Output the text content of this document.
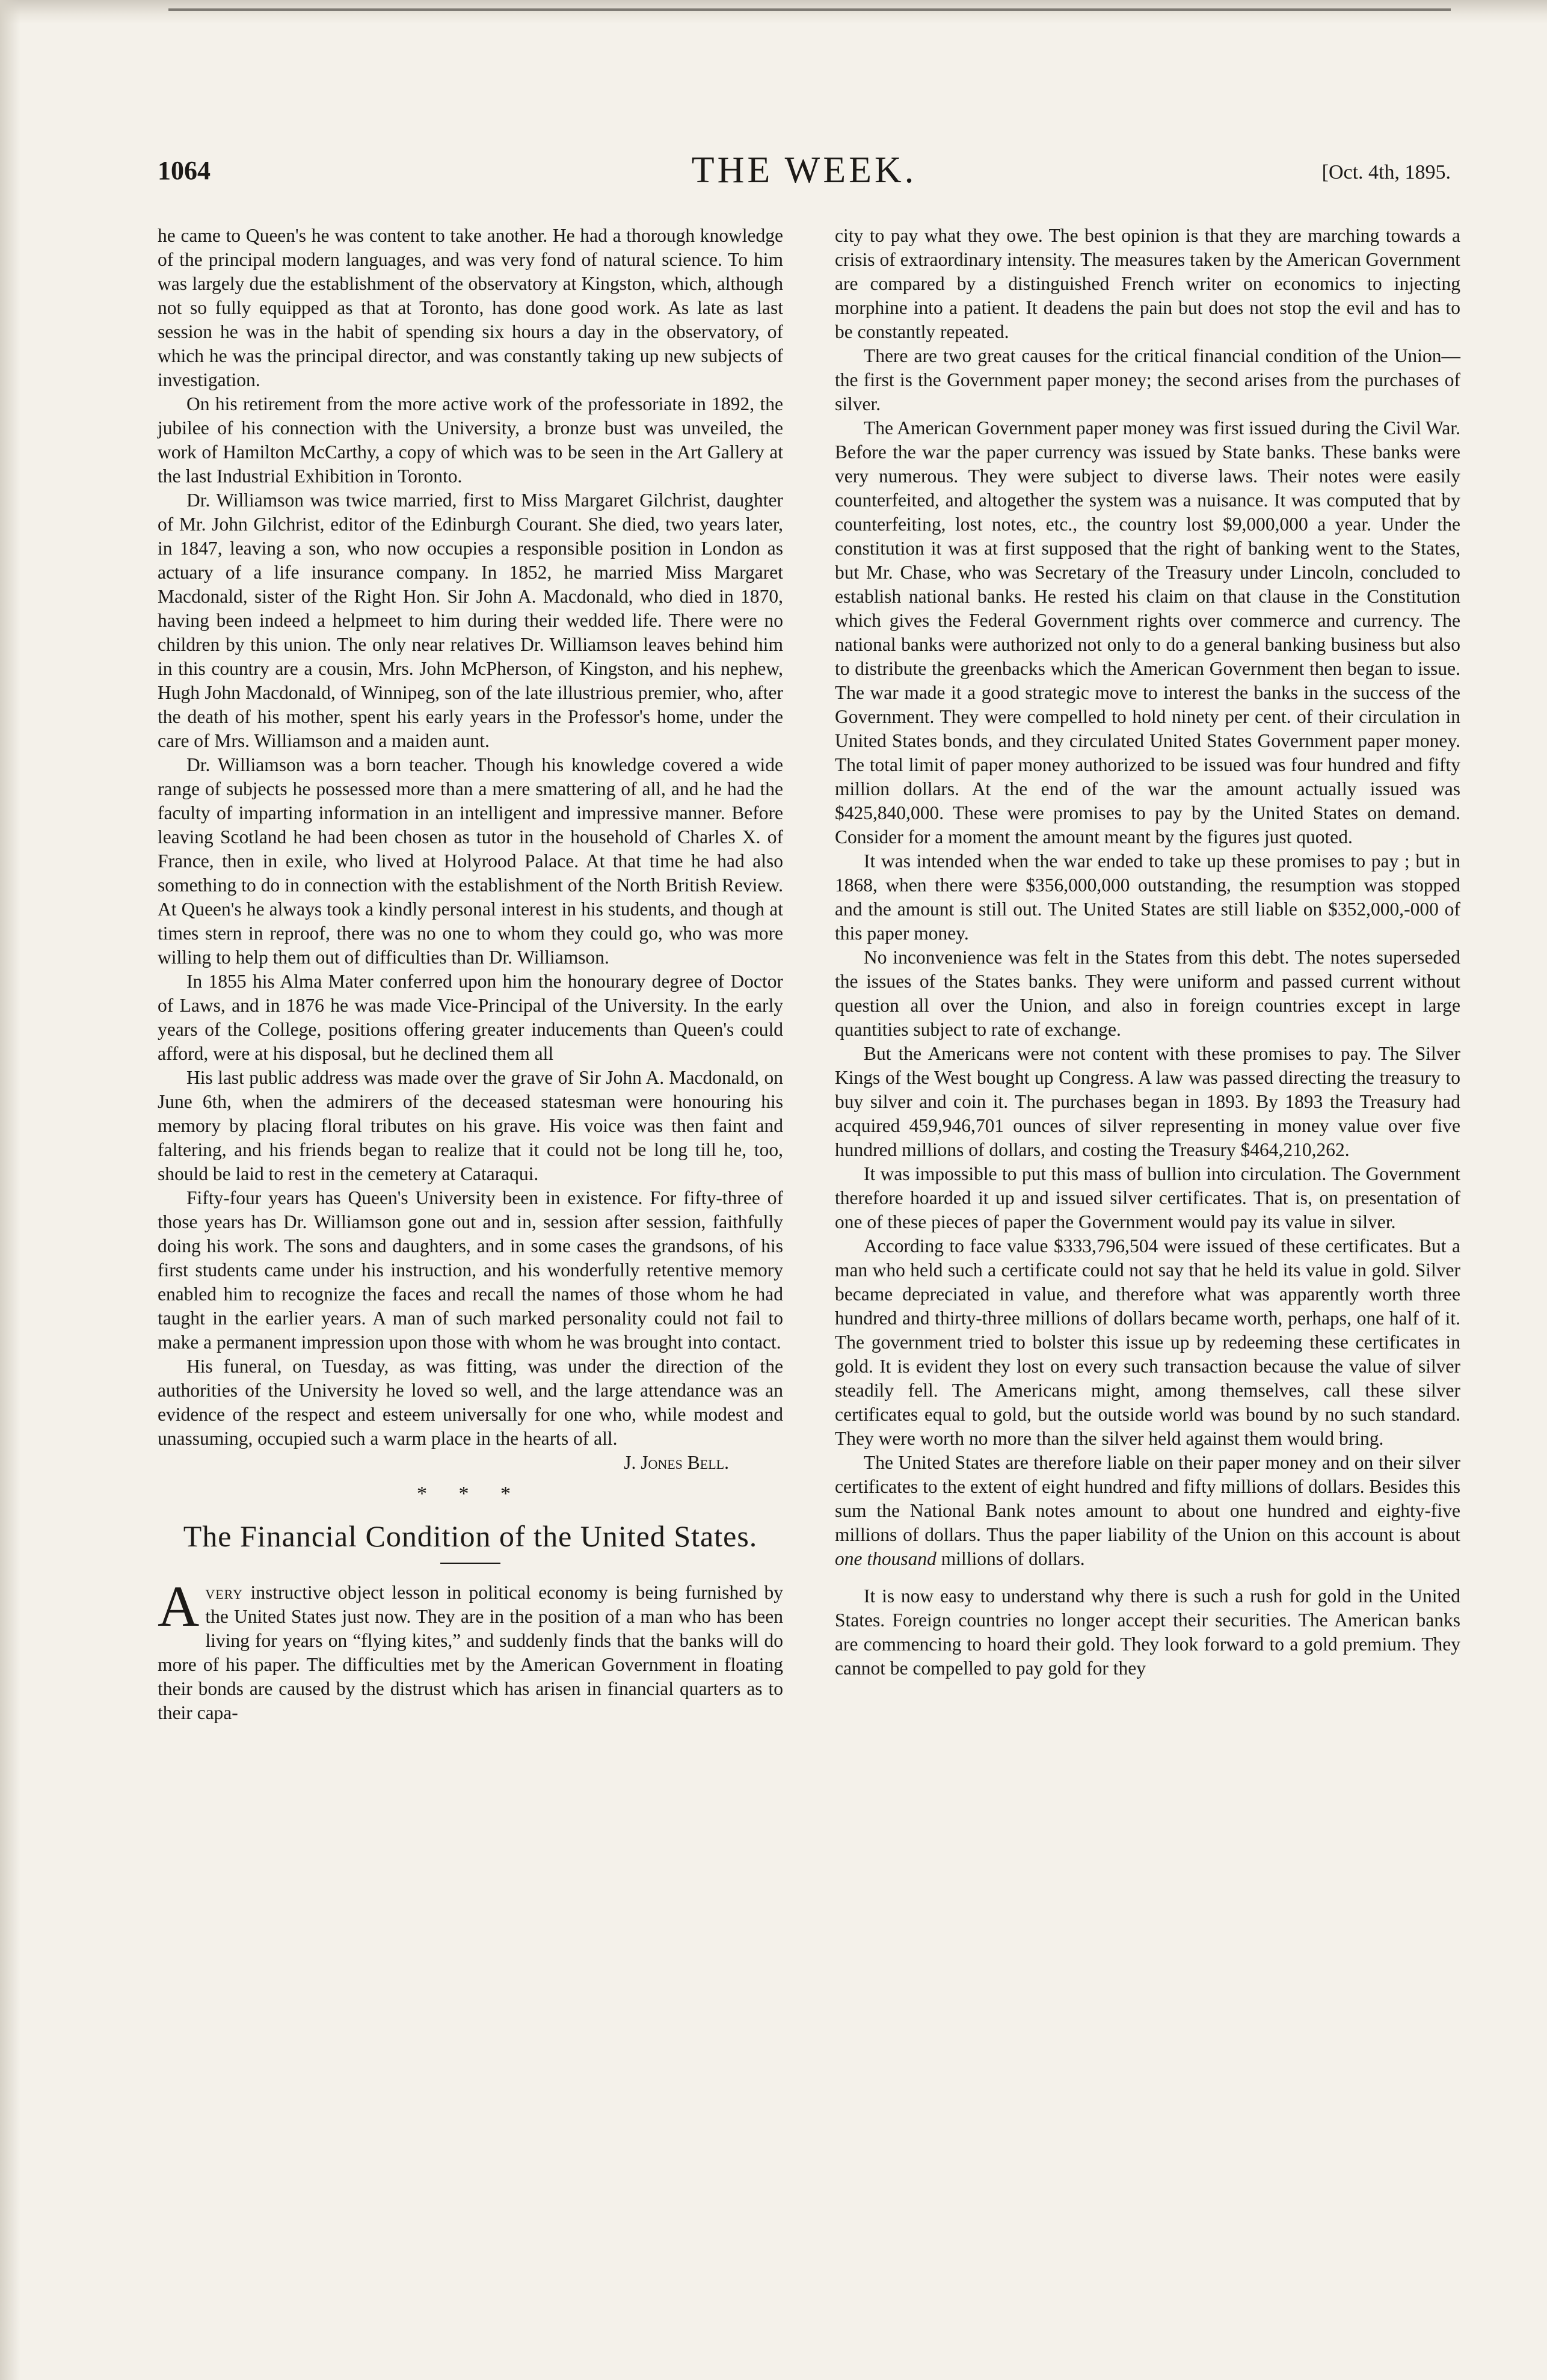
1064	THE WEEK.	[Oct. 4th, 1895.

he came to Queen's he was content to take another. He had a thorough knowledge of the principal modern languages, and was very fond of natural science. To him was largely due the establishment of the observatory at Kingston, which, although not so fully equipped as that at Toronto, has done good work. As late as last session he was in the habit of spending six hours a day in the observatory, of which he was the principal director, and was constantly taking up new subjects of investigation.

On his retirement from the more active work of the professoriate in 1892, the jubilee of his connection with the University, a bronze bust was unveiled, the work of Hamilton McCarthy, a copy of which was to be seen in the Art Gallery at the last Industrial Exhibition in Toronto.

Dr. Williamson was twice married, first to Miss Margaret Gilchrist, daughter of Mr. John Gilchrist, editor of the Edinburgh Courant. She died, two years later, in 1847, leaving a son, who now occupies a responsible position in London as actuary of a life insurance company. In 1852, he married Miss Margaret Macdonald, sister of the Right Hon. Sir John A. Macdonald, who died in 1870, having been indeed a helpmeet to him during their wedded life. There were no children by this union. The only near relatives Dr. Williamson leaves behind him in this country are a cousin, Mrs. John McPherson, of Kingston, and his nephew, Hugh John Macdonald, of Winnipeg, son of the late illustrious premier, who, after the death of his mother, spent his early years in the Professor's home, under the care of Mrs. Williamson and a maiden aunt.

Dr. Williamson was a born teacher. Though his knowledge covered a wide range of subjects he possessed more than a mere smattering of all, and he had the faculty of imparting information in an intelligent and impressive manner. Before leaving Scotland he had been chosen as tutor in the household of Charles X. of France, then in exile, who lived at Holyrood Palace. At that time he had also something to do in connection with the establishment of the North British Review. At Queen's he always took a kindly personal interest in his students, and though at times stern in reproof, there was no one to whom they could go, who was more willing to help them out of difficulties than Dr. Williamson.

In 1855 his Alma Mater conferred upon him the honourary degree of Doctor of Laws, and in 1876 he was made Vice-Principal of the University. In the early years of the College, positions offering greater inducements than Queen's could afford, were at his disposal, but he declined them all

His last public address was made over the grave of Sir John A. Macdonald, on June 6th, when the admirers of the deceased statesman were honouring his memory by placing floral tributes on his grave. His voice was then faint and faltering, and his friends began to realize that it could not be long till he, too, should be laid to rest in the cemetery at Cataraqui.

Fifty-four years has Queen's University been in existence. For fifty-three of those years has Dr. Williamson gone out and in, session after session, faithfully doing his work. The sons and daughters, and in some cases the grandsons, of his first students came under his instruction, and his wonderfully retentive memory enabled him to recognize the faces and recall the names of those whom he had taught in the earlier years. A man of such marked personality could not fail to make a permanent impression upon those with whom he was brought into contact.

His funeral, on Tuesday, as was fitting, was under the direction of the authorities of the University he loved so well, and the large attendance was an evidence of the respect and esteem universally for one who, while modest and unassuming, occupied such a warm place in the hearts of all.

J. Jones Bell.

* * *
The Financial Condition of the United States.

Avery instructive object lesson in political economy is being furnished by the United States just now. They are in the position of a man who has been living for years on “flying kites,” and suddenly finds that the banks will do more of his paper. The difficulties met by the American Government in floating their bonds are caused by the distrust which has arisen in financial quarters as to their capa-

city to pay what they owe. The best opinion is that they are marching towards a crisis of extraordinary intensity. The measures taken by the American Government are compared by a distinguished French writer on economics to injecting morphine into a patient. It deadens the pain but does not stop the evil and has to be constantly repeated.

There are two great causes for the critical financial condition of the Union—the first is the Government paper money; the second arises from the purchases of silver.

The American Government paper money was first issued during the Civil War. Before the war the paper currency was issued by State banks. These banks were very numerous. They were subject to diverse laws. Their notes were easily counterfeited, and altogether the system was a nuisance. It was computed that by counterfeiting, lost notes, etc., the country lost $9,000,000 a year. Under the constitution it was at first supposed that the right of banking went to the States, but Mr. Chase, who was Secretary of the Treasury under Lincoln, concluded to establish national banks. He rested his claim on that clause in the Constitution which gives the Federal Government rights over commerce and currency. The national banks were authorized not only to do a general banking business but also to distribute the greenbacks which the American Government then began to issue. The war made it a good strategic move to interest the banks in the success of the Government. They were compelled to hold ninety per cent. of their circulation in United States bonds, and they circulated United States Government paper money. The total limit of paper money authorized to be issued was four hundred and fifty million dollars. At the end of the war the amount actually issued was $425,840,000. These were promises to pay by the United States on demand. Consider for a moment the amount meant by the figures just quoted.

It was intended when the war ended to take up these promises to pay ; but in 1868, when there were $356,000,000 outstanding, the resumption was stopped and the amount is still out. The United States are still liable on $352,000,-000 of this paper money.

No inconvenience was felt in the States from this debt. The notes superseded the issues of the States banks. They were uniform and passed current without question all over the Union, and also in foreign countries except in large quantities subject to rate of exchange.

But the Americans were not content with these promises to pay. The Silver Kings of the West bought up Congress. A law was passed directing the treasury to buy silver and coin it. The purchases began in 1893. By 1893 the Treasury had acquired 459,946,701 ounces of silver representing in money value over five hundred millions of dollars, and costing the Treasury $464,210,262.

It was impossible to put this mass of bullion into circulation. The Government therefore hoarded it up and issued silver certificates. That is, on presentation of one of these pieces of paper the Government would pay its value in silver.

According to face value $333,796,504 were issued of these certificates. But a man who held such a certificate could not say that he held its value in gold. Silver became depreciated in value, and therefore what was apparently worth three hundred and thirty-three millions of dollars became worth, perhaps, one half of it. The government tried to bolster this issue up by redeeming these certificates in gold. It is evident they lost on every such transaction because the value of silver steadily fell. The Americans might, among themselves, call these silver certificates equal to gold, but the outside world was bound by no such standard. They were worth no more than the silver held against them would bring.

The United States are therefore liable on their paper money and on their silver certificates to the extent of eight hundred and fifty millions of dollars. Besides this sum the National Bank notes amount to about one hundred and eighty-five millions of dollars. Thus the paper liability of the Union on this account is about one thousand millions of dollars.

It is now easy to understand why there is such a rush for gold in the United States. Foreign countries no longer accept their securities. The American banks are commencing to hoard their gold. They look forward to a gold premium. They cannot be compelled to pay gold for they
